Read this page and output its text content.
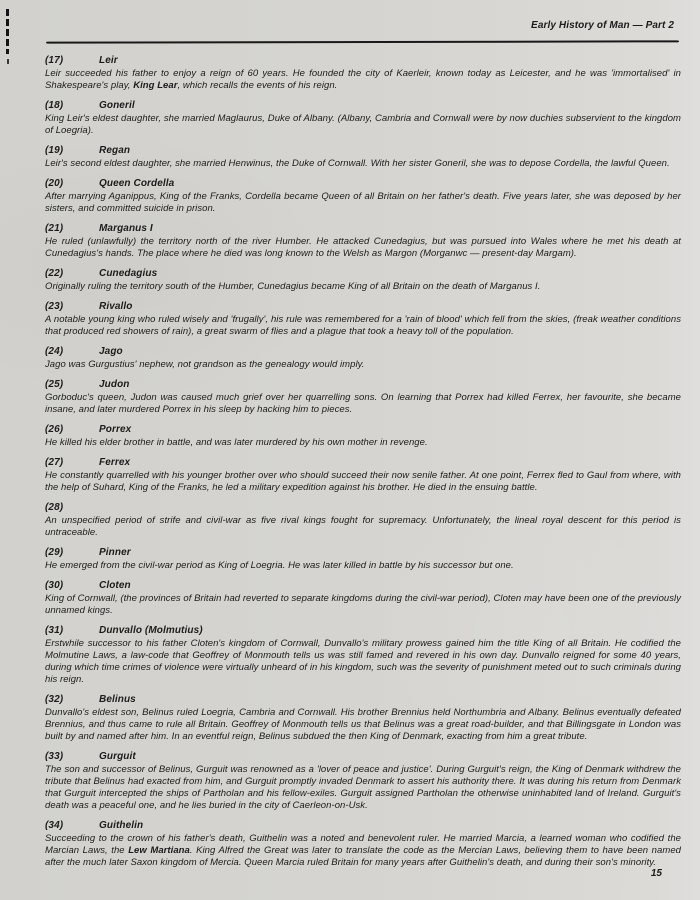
Early History of Man — Part 2
(17)	Leir

Leir succeeded his father to enjoy a reign of 60 years. He founded the city of Kaerleir, known today as Leicester, and he was 'immortalised' in Shakespeare's play, King Lear, which recalls the events of his reign.

(18)	Goneril

King Leir's eldest daughter, she married Maglaurus, Duke of Albany. (Albany, Cambria and Cornwall were by now duchies subservient to the kingdom of Loegria).

(19)	Regan

Leir's second eldest daughter, she married Henwinus, the Duke of Cornwall. With her sister Goneril, she was to depose Cordella, the lawful Queen.

(20)	Queen Cordella

After marrying Aganippus, King of the Franks, Cordella became Queen of all Britain on her father's death. Five years later, she was deposed by her sisters, and committed suicide in prison.

(21)	Marganus I

He ruled (unlawfully) the territory north of the river Humber. He attacked Cunedagius, but was pursued into Wales where he met his death at Cunedagius's hands. The place where he died was long known to the Welsh as Margon (Morganwc — present-day Margam).

(22)	Cunedagius

Originally ruling the territory south of the Humber, Cunedagius became King of all Britain on the death of Marganus I.

(23)	Rivallo

A notable young king who ruled wisely and 'frugally', his rule was remembered for a 'rain of blood' which fell from the skies, (freak weather conditions that produced red showers of rain), a great swarm of flies and a plague that took a heavy toll of the population.

(24)	Jago

Jago was Gurgustius' nephew, not grandson as the genealogy would imply.

(25)	Judon

Gorboduc's queen, Judon was caused much grief over her quarrelling sons. On learning that Porrex had killed Ferrex, her favourite, she became insane, and later murdered Porrex in his sleep by hacking him to pieces.

(26)	Porrex

He killed his elder brother in battle, and was later murdered by his own mother in revenge.

(27)	Ferrex

He constantly quarrelled with his younger brother over who should succeed their now senile father. At one point, Ferrex fled to Gaul from where, with the help of Suhard, King of the Franks, he led a military expedition against his brother. He died in the ensuing battle.

(28)

An unspecified period of strife and civil-war as five rival kings fought for supremacy. Unfortunately, the lineal royal descent for this period is untraceable.

(29)	Pinner

He emerged from the civil-war period as King of Loegria. He was later killed in battle by his successor but one.

(30)	Cloten

King of Cornwall, (the provinces of Britain had reverted to separate kingdoms during the civil-war period), Cloten may have been one of the previously unnamed kings.

(31)	Dunvallo (Molmutius)

Erstwhile successor to his father Cloten's kingdom of Cornwall, Dunvallo's military prowess gained him the title King of all Britain. He codified the Molmutine Laws, a law-code that Geoffrey of Monmouth tells us was still famed and revered in his own day. Dunvallo reigned for some 40 years, during which time crimes of violence were virtually unheard of in his kingdom, such was the severity of punishment meted out to such criminals during his reign.

(32)	Belinus

Dunvallo's eldest son, Belinus ruled Loegria, Cambria and Cornwall. His brother Brennius held Northumbria and Albany. Belinus eventually defeated Brennius, and thus came to rule all Britain. Geoffrey of Monmouth tells us that Belinus was a great road-builder, and that Billingsgate in London was built by and named after him. In an eventful reign, Belinus subdued the then King of Denmark, exacting from him a great tribute.

(33)	Gurguit

The son and successor of Belinus, Gurguit was renowned as a 'lover of peace and justice'. During Gurguit's reign, the King of Denmark withdrew the tribute that Belinus had exacted from him, and Gurguit promptly invaded Denmark to assert his authority there. It was during his return from Denmark that Gurguit intercepted the ships of Partholan and his fellow-exiles. Gurguit assigned Partholan the otherwise uninhabited land of Ireland. Gurguit's death was a peaceful one, and he lies buried in the city of Caerleon-on-Usk.

(34)	Guithelin

Succeeding to the crown of his father's death, Guithelin was a noted and benevolent ruler. He married Marcia, a learned woman who codified the Marcian Laws, the Lew Martiana. King Alfred the Great was later to translate the code as the Mercian Laws, believing them to have been named after the much later Saxon kingdom of Mercia. Queen Marcia ruled Britain for many years after Guithelin's death, and during their son's minority.

15
